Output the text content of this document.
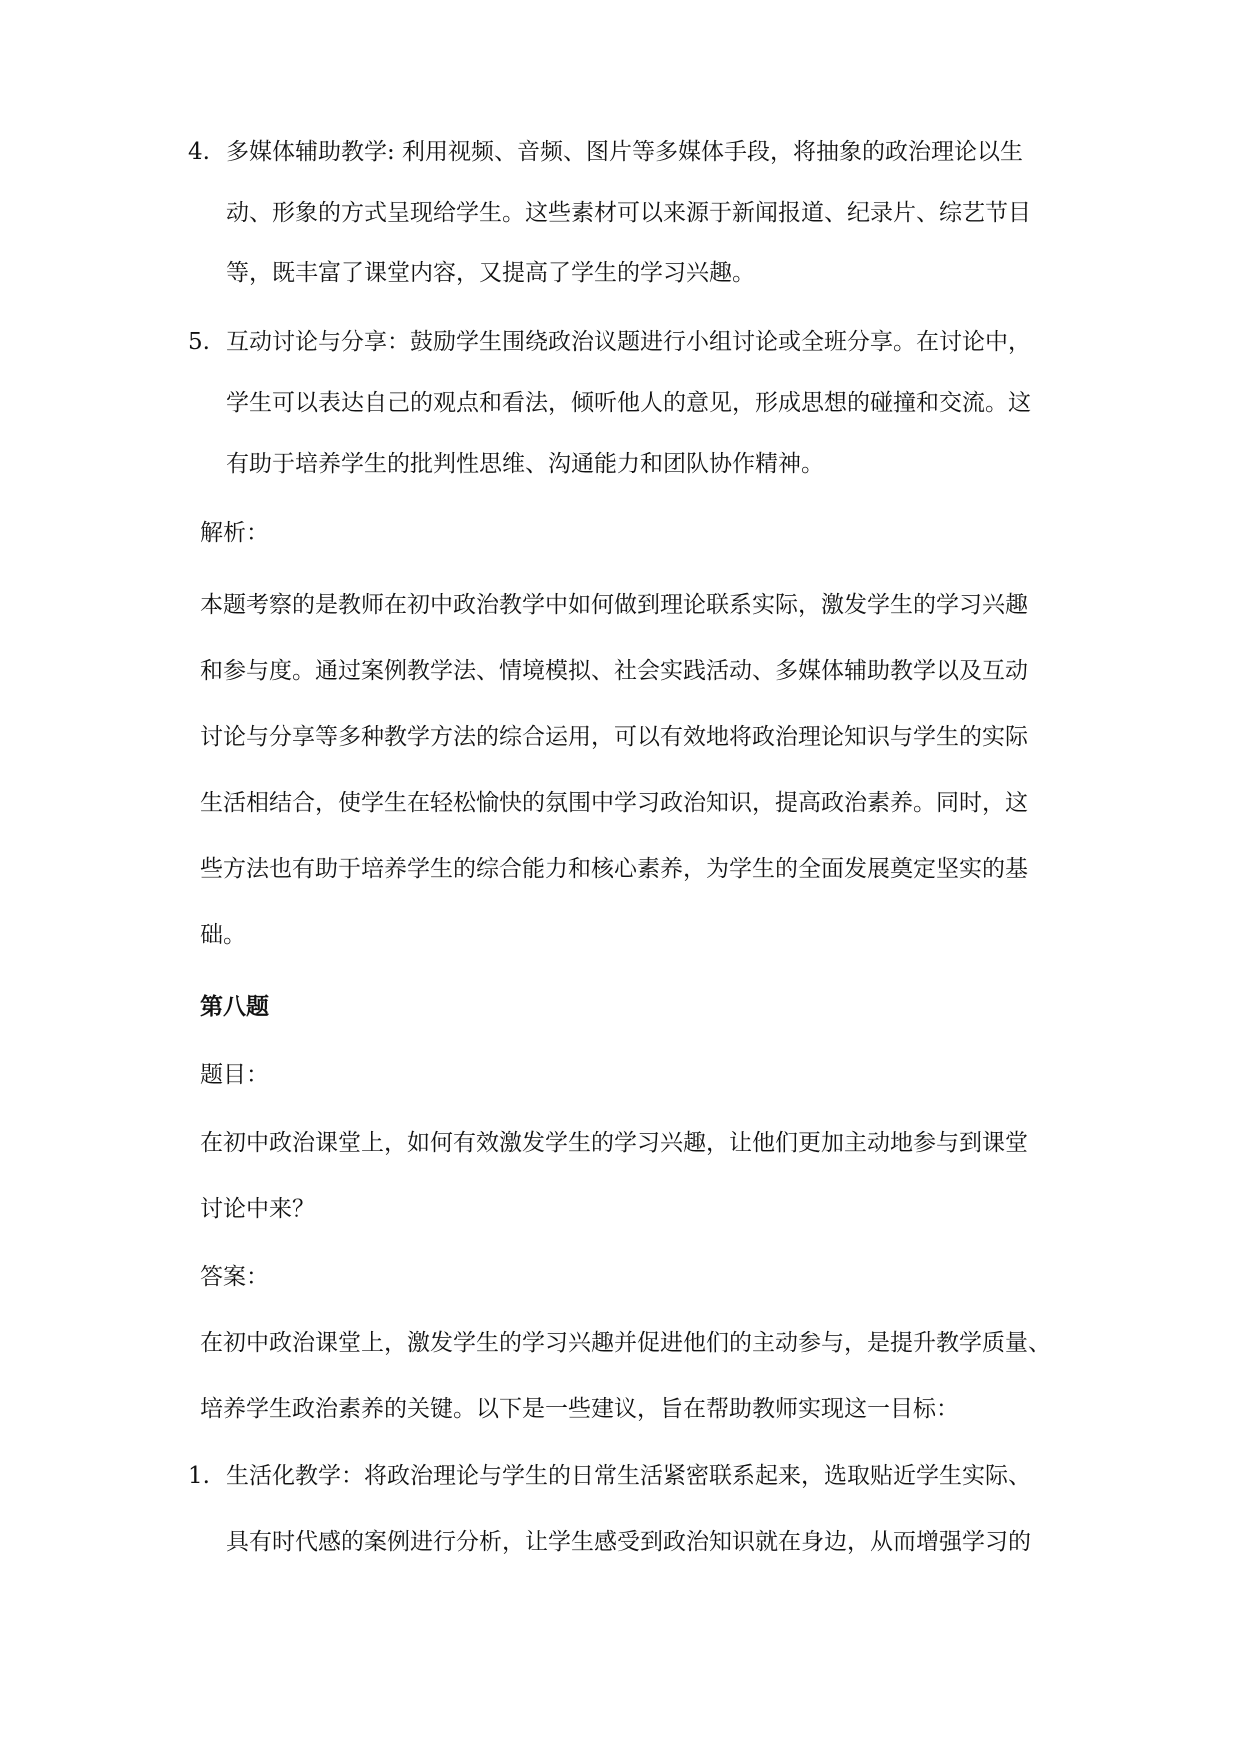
4. 多媒体辅助教学: 利用视频、音频、图片等多媒体手段，将抽象的政治理论以生
动、形象的方式呈现给学生。这些素材可以来源于新闻报道、纪录片、综艺节目
等，既丰富了课堂内容，又提高了学生的学习兴趣。
5. 互动讨论与分享：鼓励学生围绕政治议题进行小组讨论或全班分享。在讨论中，
学生可以表达自己的观点和看法，倾听他人的意见，形成思想的碰撞和交流。这
有助于培养学生的批判性思维、沟通能力和团队协作精神。
解析：
本题考察的是教师在初中政治教学中如何做到理论联系实际，激发学生的学习兴趣
和参与度。通过案例教学法、情境模拟、社会实践活动、多媒体辅助教学以及互动
讨论与分享等多种教学方法的综合运用，可以有效地将政治理论知识与学生的实际
生活相结合，使学生在轻松愉快的氛围中学习政治知识，提高政治素养。同时，这
些方法也有助于培养学生的综合能力和核心素养，为学生的全面发展奠定坚实的基
础。
第八题
题目：
在初中政治课堂上，如何有效激发学生的学习兴趣，让他们更加主动地参与到课堂
讨论中来？
答案：
在初中政治课堂上，激发学生的学习兴趣并促进他们的主动参与，是提升教学质量、
培养学生政治素养的关键。以下是一些建议，旨在帮助教师实现这一目标：
1. 生活化教学：将政治理论与学生的日常生活紧密联系起来，选取贴近学生实际、
具有时代感的案例进行分析，让学生感受到政治知识就在身边，从而增强学习的
